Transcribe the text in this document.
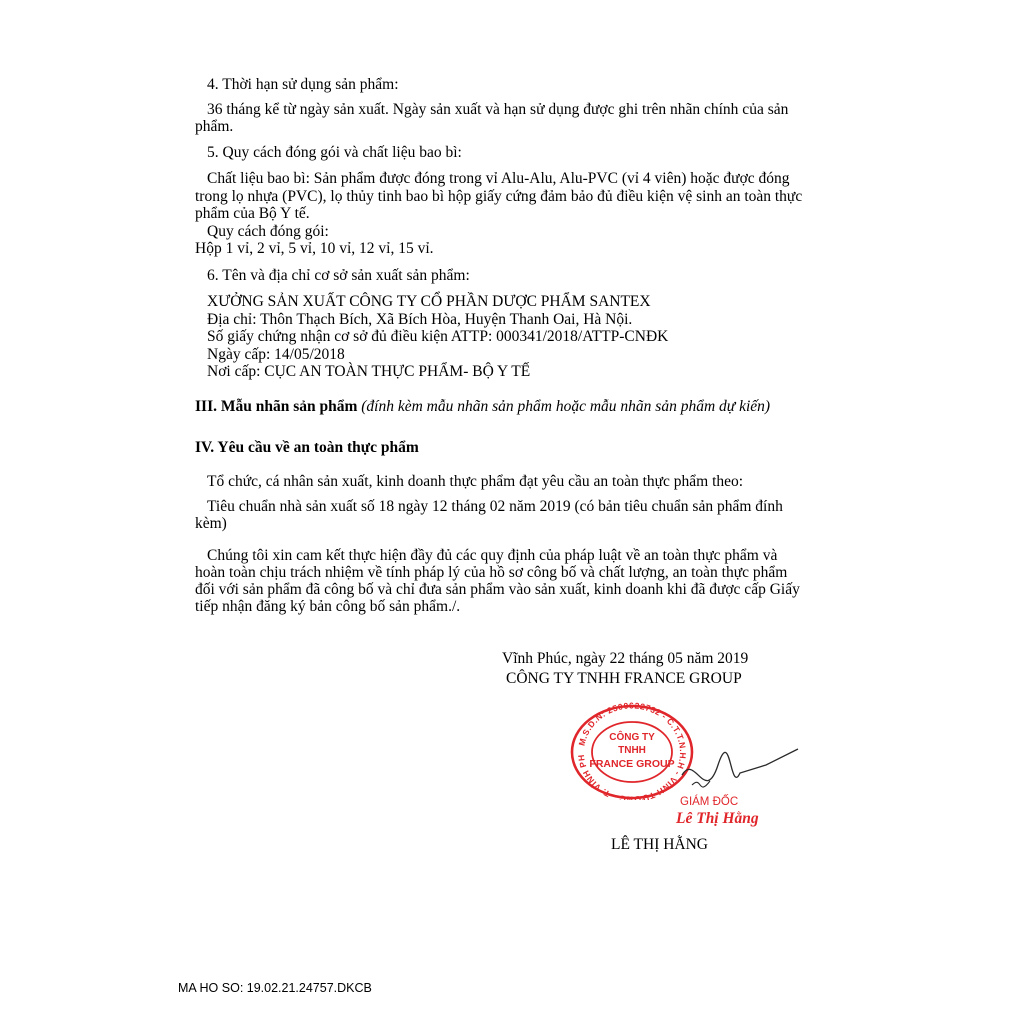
4. Thời hạn sử dụng sản phẩm:
36 tháng kể từ ngày sản xuất. Ngày sản xuất và hạn sử dụng được ghi trên nhãn chính của sản
phẩm.
5. Quy cách đóng gói và chất liệu bao bì:
Chất liệu bao bì: Sản phẩm được đóng trong vỉ Alu-Alu, Alu-PVC (vỉ 4 viên) hoặc được đóng
trong lọ nhựa (PVC), lọ thủy tinh bao bì hộp giấy cứng đảm bảo đủ điều kiện vệ sinh an toàn thực
phẩm của Bộ Y tế.
Quy cách đóng gói:
Hộp 1 vỉ, 2 vỉ, 5 vỉ, 10 vỉ, 12 vỉ, 15 vỉ.
6. Tên và địa chỉ cơ sở sản xuất sản phẩm:
XƯỞNG SẢN XUẤT CÔNG TY CỔ PHẦN DƯỢC PHẨM SANTEX
Địa chỉ: Thôn Thạch Bích, Xã Bích Hòa, Huyện Thanh Oai, Hà Nội.
Số giấy chứng nhận cơ sở đủ điều kiện ATTP: 000341/2018/ATTP-CNĐK
Ngày cấp: 14/05/2018
Nơi cấp: CỤC AN TOÀN THỰC PHẨM- BỘ Y TẾ
III. Mẫu nhãn sản phẩm (đính kèm mẫu nhãn sản phẩm hoặc mẫu nhãn sản phẩm dự kiến)
IV. Yêu cầu về an toàn thực phẩm
Tổ chức, cá nhân sản xuất, kinh doanh thực phẩm đạt yêu cầu an toàn thực phẩm theo:
Tiêu chuẩn nhà sản xuất số 18 ngày 12 tháng 02 năm 2019 (có bản tiêu chuẩn sản phẩm đính
kèm)
Chúng tôi xin cam kết thực hiện đầy đủ các quy định của pháp luật về an toàn thực phẩm và
hoàn toàn chịu trách nhiệm về tính pháp lý của hồ sơ công bố và chất lượng, an toàn thực phẩm
đối với sản phẩm đã công bố và chỉ đưa sản phẩm vào sản xuất, kinh doanh khi đã được cấp Giấy
tiếp nhận đăng ký bản công bố sản phẩm./.
Vĩnh Phúc, ngày 22 tháng 05 năm 2019
CÔNG TY TNHH FRANCE GROUP
M.S.D.N: 2500622732 - C.T.T.N.H.H - VĨNH TƯỜNG - T. VĨNH PH
CÔNG TY
TNHH
FRANCE GROUP
GIÁM ĐỐC
Lê Thị Hằng
LÊ THỊ HẰNG
MA HO SO: 19.02.21.24757.DKCB
